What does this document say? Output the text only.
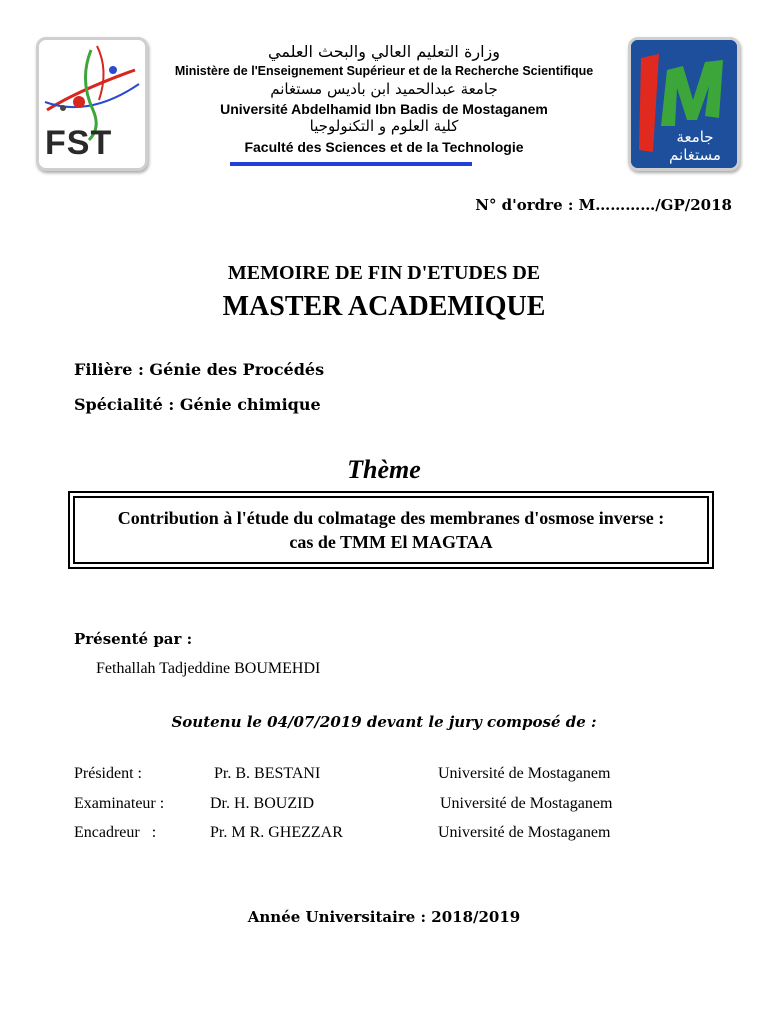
FST	جامعة مستغانم
وزارة التعليم العالي والبحث العلمي
Ministère de l'Enseignement Supérieur et de la Recherche Scientifique
جامعة عبدالحميد ابن باديس مستغانم
Université Abdelhamid Ibn Badis de Mostaganem
كلية العلوم و التكنولوجيا
Faculté des Sciences et de la Technologie
N° d'ordre : M…………/GP/2018
MEMOIRE DE FIN D'ETUDES DE
MASTER ACADEMIQUE
Filière : Génie des Procédés
Spécialité : Génie chimique
Thème
Contribution à l'étude du colmatage des membranes d'osmose inverse :
cas de TMM El MAGTAA
Présenté par :
Fethallah Tadjeddine BOUMEHDI
Soutenu le 04/07/2019 devant le jury composé de :
Président :	Pr. B. BESTANI	Université de Mostaganem
Examinateur :	Dr. H. BOUZID	Université de Mostaganem
Encadreur   :	Pr. M R. GHEZZAR	Université de Mostaganem
Année Universitaire : 2018/2019
